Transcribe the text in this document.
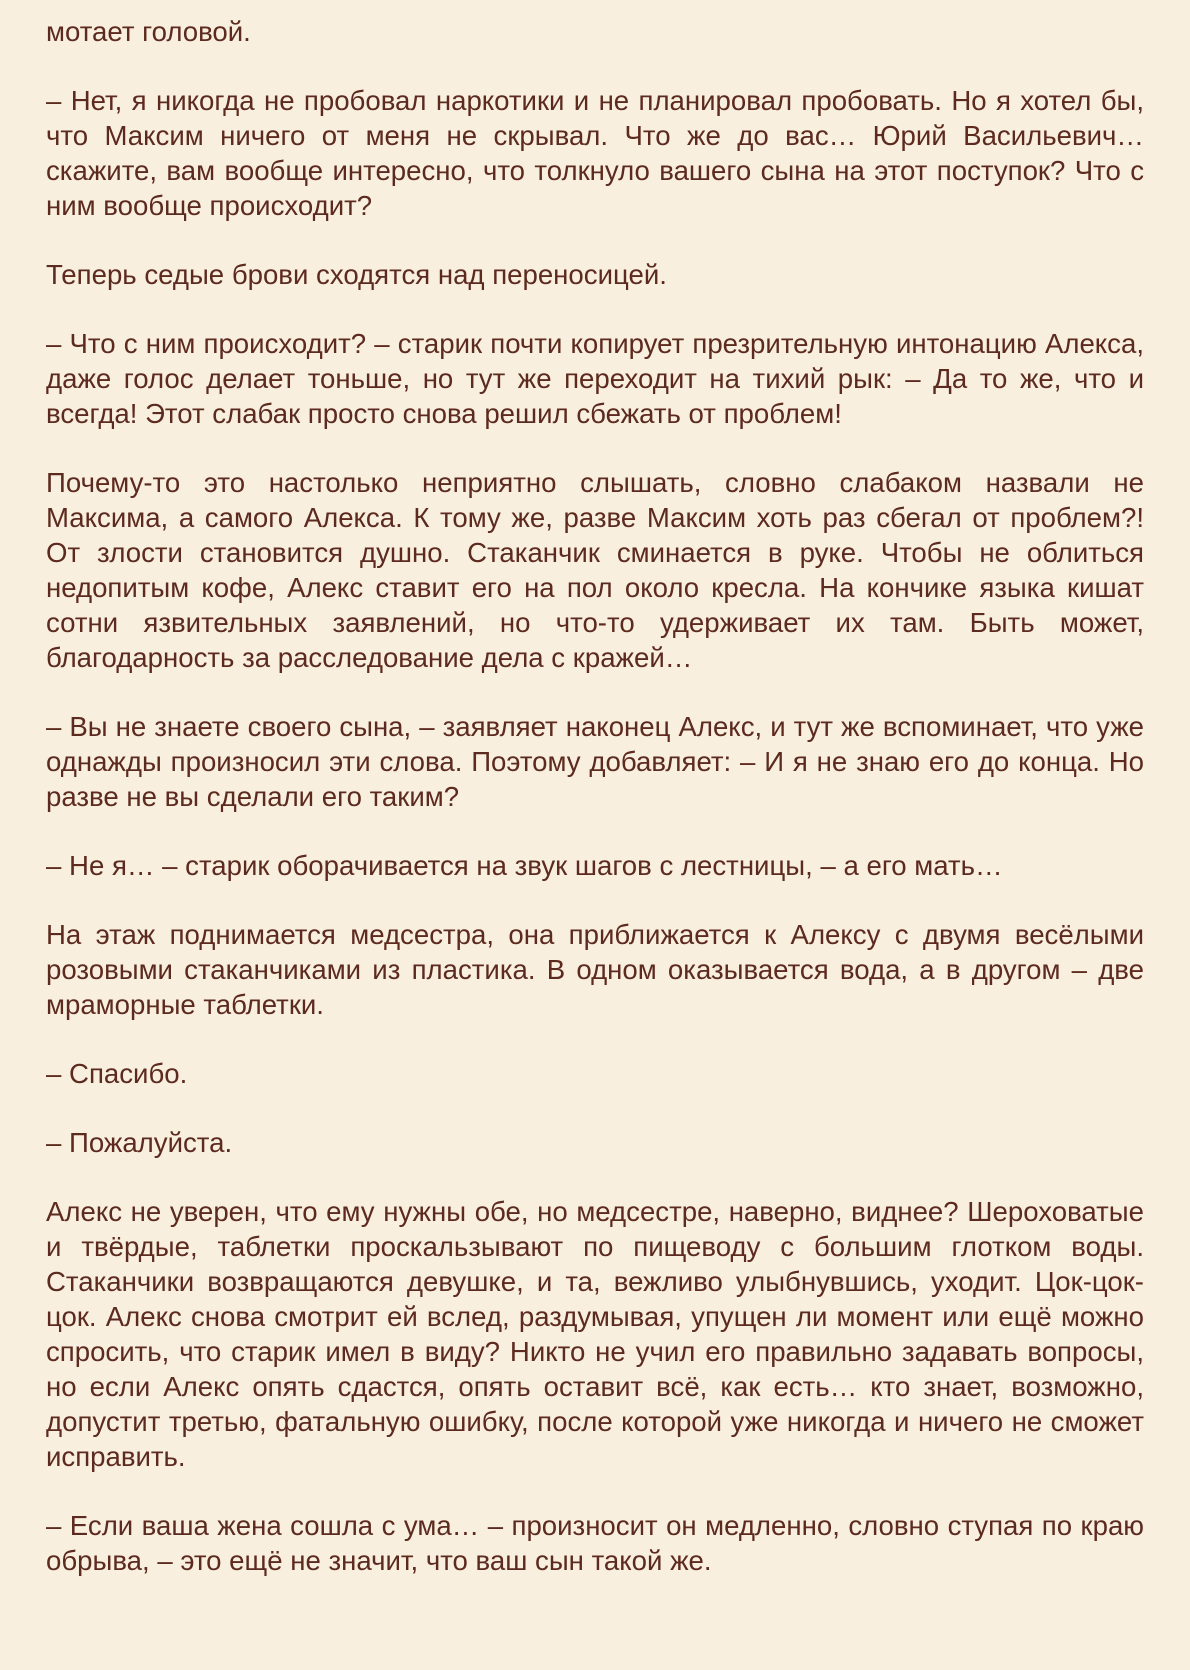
мотает головой.

– Нет, я никогда не пробовал наркотики и не планировал пробовать. Но я хотел бы, что Максим ничего от меня не скрывал. Что же до вас… Юрий Васильевич… скажите, вам вообще интересно, что толкнуло вашего сына на этот поступок? Что с ним вообще происходит?

Теперь седые брови сходятся над переносицей.

– Что с ним происходит? – старик почти копирует презрительную интонацию Алекса, даже голос делает тоньше, но тут же переходит на тихий рык: – Да то же, что и всегда! Этот слабак просто снова решил сбежать от проблем!

Почему-то это настолько неприятно слышать, словно слабаком назвали не Максима, а самого Алекса. К тому же, разве Максим хоть раз сбегал от проблем?! От злости становится душно. Стаканчик сминается в руке. Чтобы не облиться недопитым кофе, Алекс ставит его на пол около кресла. На кончике языка кишат сотни язвительных заявлений, но что-то удерживает их там. Быть может, благодарность за расследование дела с кражей…

– Вы не знаете своего сына, – заявляет наконец Алекс, и тут же вспоминает, что уже однажды произносил эти слова. Поэтому добавляет: – И я не знаю его до конца. Но разве не вы сделали его таким?

– Не я… – старик оборачивается на звук шагов с лестницы, – а его мать…

На этаж поднимается медсестра, она приближается к Алексу с двумя весёлыми розовыми стаканчиками из пластика. В одном оказывается вода, а в другом – две мраморные таблетки.

– Спасибо.

– Пожалуйста.

Алекс не уверен, что ему нужны обе, но медсестре, наверно, виднее? Шероховатые и твёрдые, таблетки проскальзывают по пищеводу с большим глотком воды. Стаканчики возвращаются девушке, и та, вежливо улыбнувшись, уходит. Цок-цок-цок. Алекс снова смотрит ей вслед, раздумывая, упущен ли момент или ещё можно спросить, что старик имел в виду? Никто не учил его правильно задавать вопросы, но если Алекс опять сдастся, опять оставит всё, как есть… кто знает, возможно, допустит третью, фатальную ошибку, после которой уже никогда и ничего не сможет исправить.

– Если ваша жена сошла с ума… – произносит он медленно, словно ступая по краю обрыва, – это ещё не значит, что ваш сын такой же.
